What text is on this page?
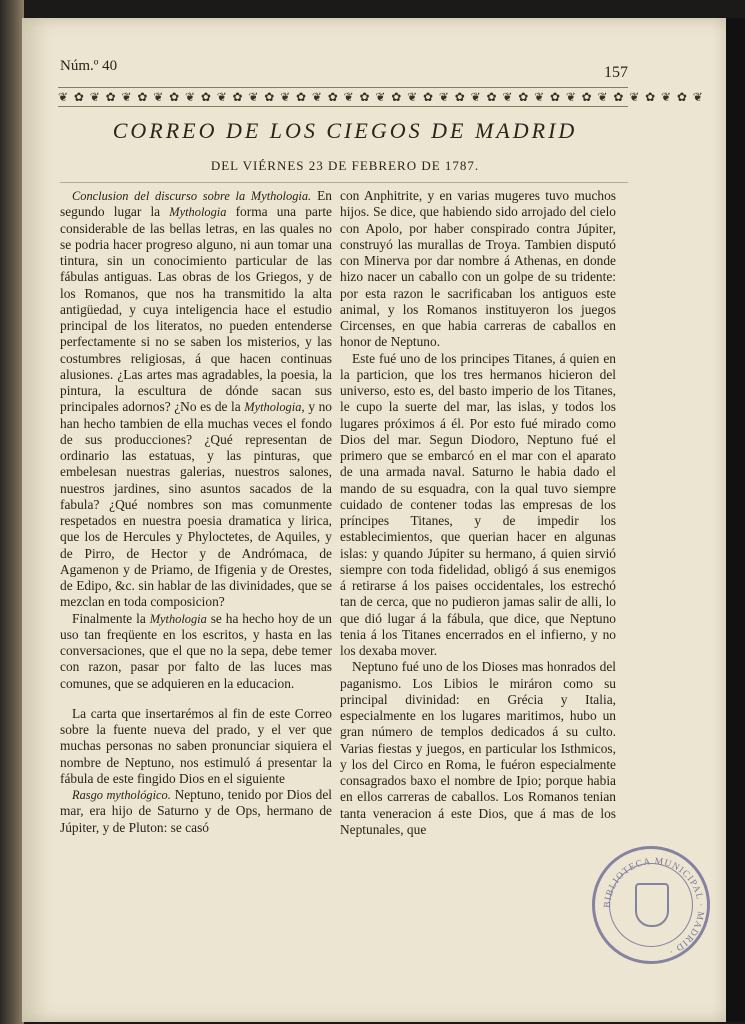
Núm.º 40	157
❦ ✿ ❦ ✿ ❦ ✿ ❦ ✿ ❦ ✿ ❦ ✿ ❦ ✿ ❦ ✿ ❦ ✿ ❦ ✿ ❦ ✿ ❦ ✿ ❦ ✿ ❦ ✿ ❦ ✿ ❦ ✿ ❦ ✿ ❦ ✿ ❦ ✿ ❦ ✿ ❦
CORREO DE LOS CIEGOS DE MADRID
DEL VIÉRNES 23 DE FEBRERO DE 1787.

Conclusion del discurso sobre la Mythologia. En segundo lugar la Mythologia forma una parte considerable de las bellas letras, en las quales no se podria hacer progreso alguno, ni aun tomar una tintura, sin un conocimiento particular de las fábulas antiguas. Las obras de los Griegos, y de los Romanos, que nos ha transmitido la alta antigüedad, y cuya inteligencia hace el estudio principal de los literatos, no pueden entenderse perfectamente si no se saben los misterios, y las costumbres religiosas, á que hacen continuas alusiones. ¿Las artes mas agradables, la poesia, la pintura, la escultura de dónde sacan sus principales adornos? ¿No es de la Mythologia, y no han hecho tambien de ella muchas veces el fondo de sus producciones? ¿Qué representan de ordinario las estatuas, y las pinturas, que embelesan nuestras galerias, nuestros salones, nuestros jardines, sino asuntos sacados de la fabula? ¿Qué nombres son mas comunmente respetados en nuestra poesia dramatica y lirica, que los de Hercules y Phyloctetes, de Aquiles, y de Pirro, de Hector y de Andrómaca, de Agamenon y de Priamo, de Ifigenia y de Orestes, de Edipo, &c. sin hablar de las divinidades, que se mezclan en toda composicion?

Finalmente la Mythologia se ha hecho hoy de un uso tan freqüente en los escritos, y hasta en las conversaciones, que el que no la sepa, debe temer con razon, pasar por falto de las luces mas comunes, que se adquieren en la educacion.

La carta que insertarémos al fin de este Correo sobre la fuente nueva del prado, y el ver que muchas personas no saben pronunciar siquiera el nombre de Neptuno, nos estimuló á presentar la fábula de este fingido Dios en el siguiente

Rasgo mythológico. Neptuno, tenido por Dios del mar, era hijo de Saturno y de Ops, hermano de Júpiter, y de Pluton: se casó

con Anphitrite, y en varias mugeres tuvo muchos hijos. Se dice, que habiendo sido arrojado del cielo con Apolo, por haber conspirado contra Júpiter, construyó las murallas de Troya. Tambien disputó con Minerva por dar nombre á Athenas, en donde hizo nacer un caballo con un golpe de su tridente: por esta razon le sacrificaban los antiguos este animal, y los Romanos instituyeron los juegos Circenses, en que habia carreras de caballos en honor de Neptuno.

Este fué uno de los principes Titanes, á quien en la particion, que los tres hermanos hicieron del universo, esto es, del basto imperio de los Titanes, le cupo la suerte del mar, las islas, y todos los lugares próximos á él. Por esto fué mirado como Dios del mar. Segun Diodoro, Neptuno fué el primero que se embarcó en el mar con el aparato de una armada naval. Saturno le habia dado el mando de su esquadra, con la qual tuvo siempre cuidado de contener todas las empresas de los príncipes Titanes, y de impedir los establecimientos, que querian hacer en algunas islas: y quando Júpiter su hermano, á quien sirvió siempre con toda fidelidad, obligó á sus enemigos á retirarse á los paises occidentales, los estrechó tan de cerca, que no pudieron jamas salir de alli, lo que dió lugar á la fábula, que dice, que Neptuno tenia á los Titanes encerrados en el infierno, y no los dexaba mover.

Neptuno fué uno de los Dioses mas honrados del paganismo. Los Libios le miráron como su principal divinidad: en Grécia y Italia, especialmente en los lugares maritimos, hubo un gran número de templos dedicados á su culto. Varias fiestas y juegos, en particular los Isthmicos, y los del Circo en Roma, le fuéron especialmente consagrados baxo el nombre de Ipio; porque habia en ellos carreras de caballos. Los Romanos tenian tanta veneracion á este Dios, que á mas de los Neptunales, que

BIBLIOTECA MUNICIPAL · MADRID ·
